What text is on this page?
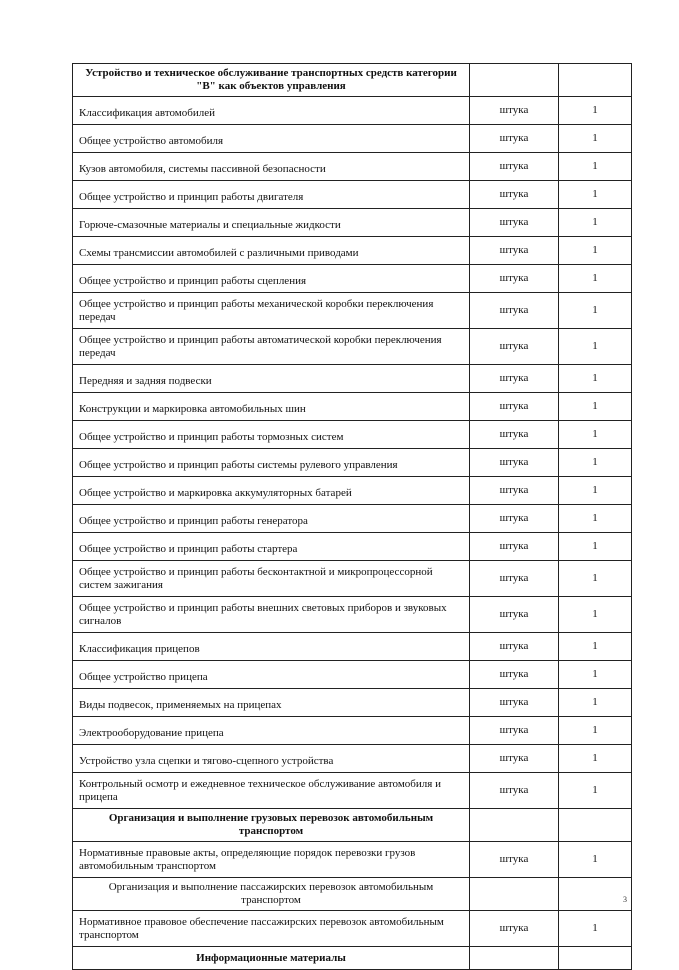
Устройство и техническое обслуживание транспортных средств категории "B" как объектов управления		
Классификация автомобилей	штука	1
Общее устройство автомобиля	штука	1
Кузов автомобиля, системы пассивной безопасности	штука	1
Общее устройство и принцип работы двигателя	штука	1
Горюче-смазочные материалы и специальные жидкости	штука	1
Схемы трансмиссии автомобилей с различными приводами	штука	1
Общее устройство и принцип работы сцепления	штука	1
Общее устройство и принцип работы механической коробки переключения передач	штука	1
Общее устройство и принцип работы автоматической коробки переключения передач	штука	1
Передняя и задняя подвески	штука	1
Конструкции и маркировка автомобильных шин	штука	1
Общее устройство и принцип работы тормозных систем	штука	1
Общее устройство и принцип работы системы рулевого управления	штука	1
Общее устройство и маркировка аккумуляторных батарей	штука	1
Общее устройство и принцип работы генератора	штука	1
Общее устройство и принцип работы стартера	штука	1
Общее устройство и принцип работы бесконтактной и микропроцессорной систем зажигания	штука	1
Общее устройство и принцип работы внешних световых приборов и звуковых сигналов	штука	1
Классификация прицепов	штука	1
Общее устройство прицепа	штука	1
Виды подвесок, применяемых на прицепах	штука	1
Электрооборудование прицепа	штука	1
Устройство узла сцепки и тягово-сцепного устройства	штука	1
Контрольный осмотр и ежедневное техническое обслуживание автомобиля и прицепа	штука	1
Организация и выполнение грузовых перевозок автомобильным транспортом		
Нормативные правовые акты, определяющие порядок перевозки грузов автомобильным транспортом	штука	1
Организация и выполнение пассажирских перевозок автомобильным транспортом		
Нормативное правовое обеспечение пассажирских перевозок автомобильным транспортом	штука	1
Информационные материалы		
3
